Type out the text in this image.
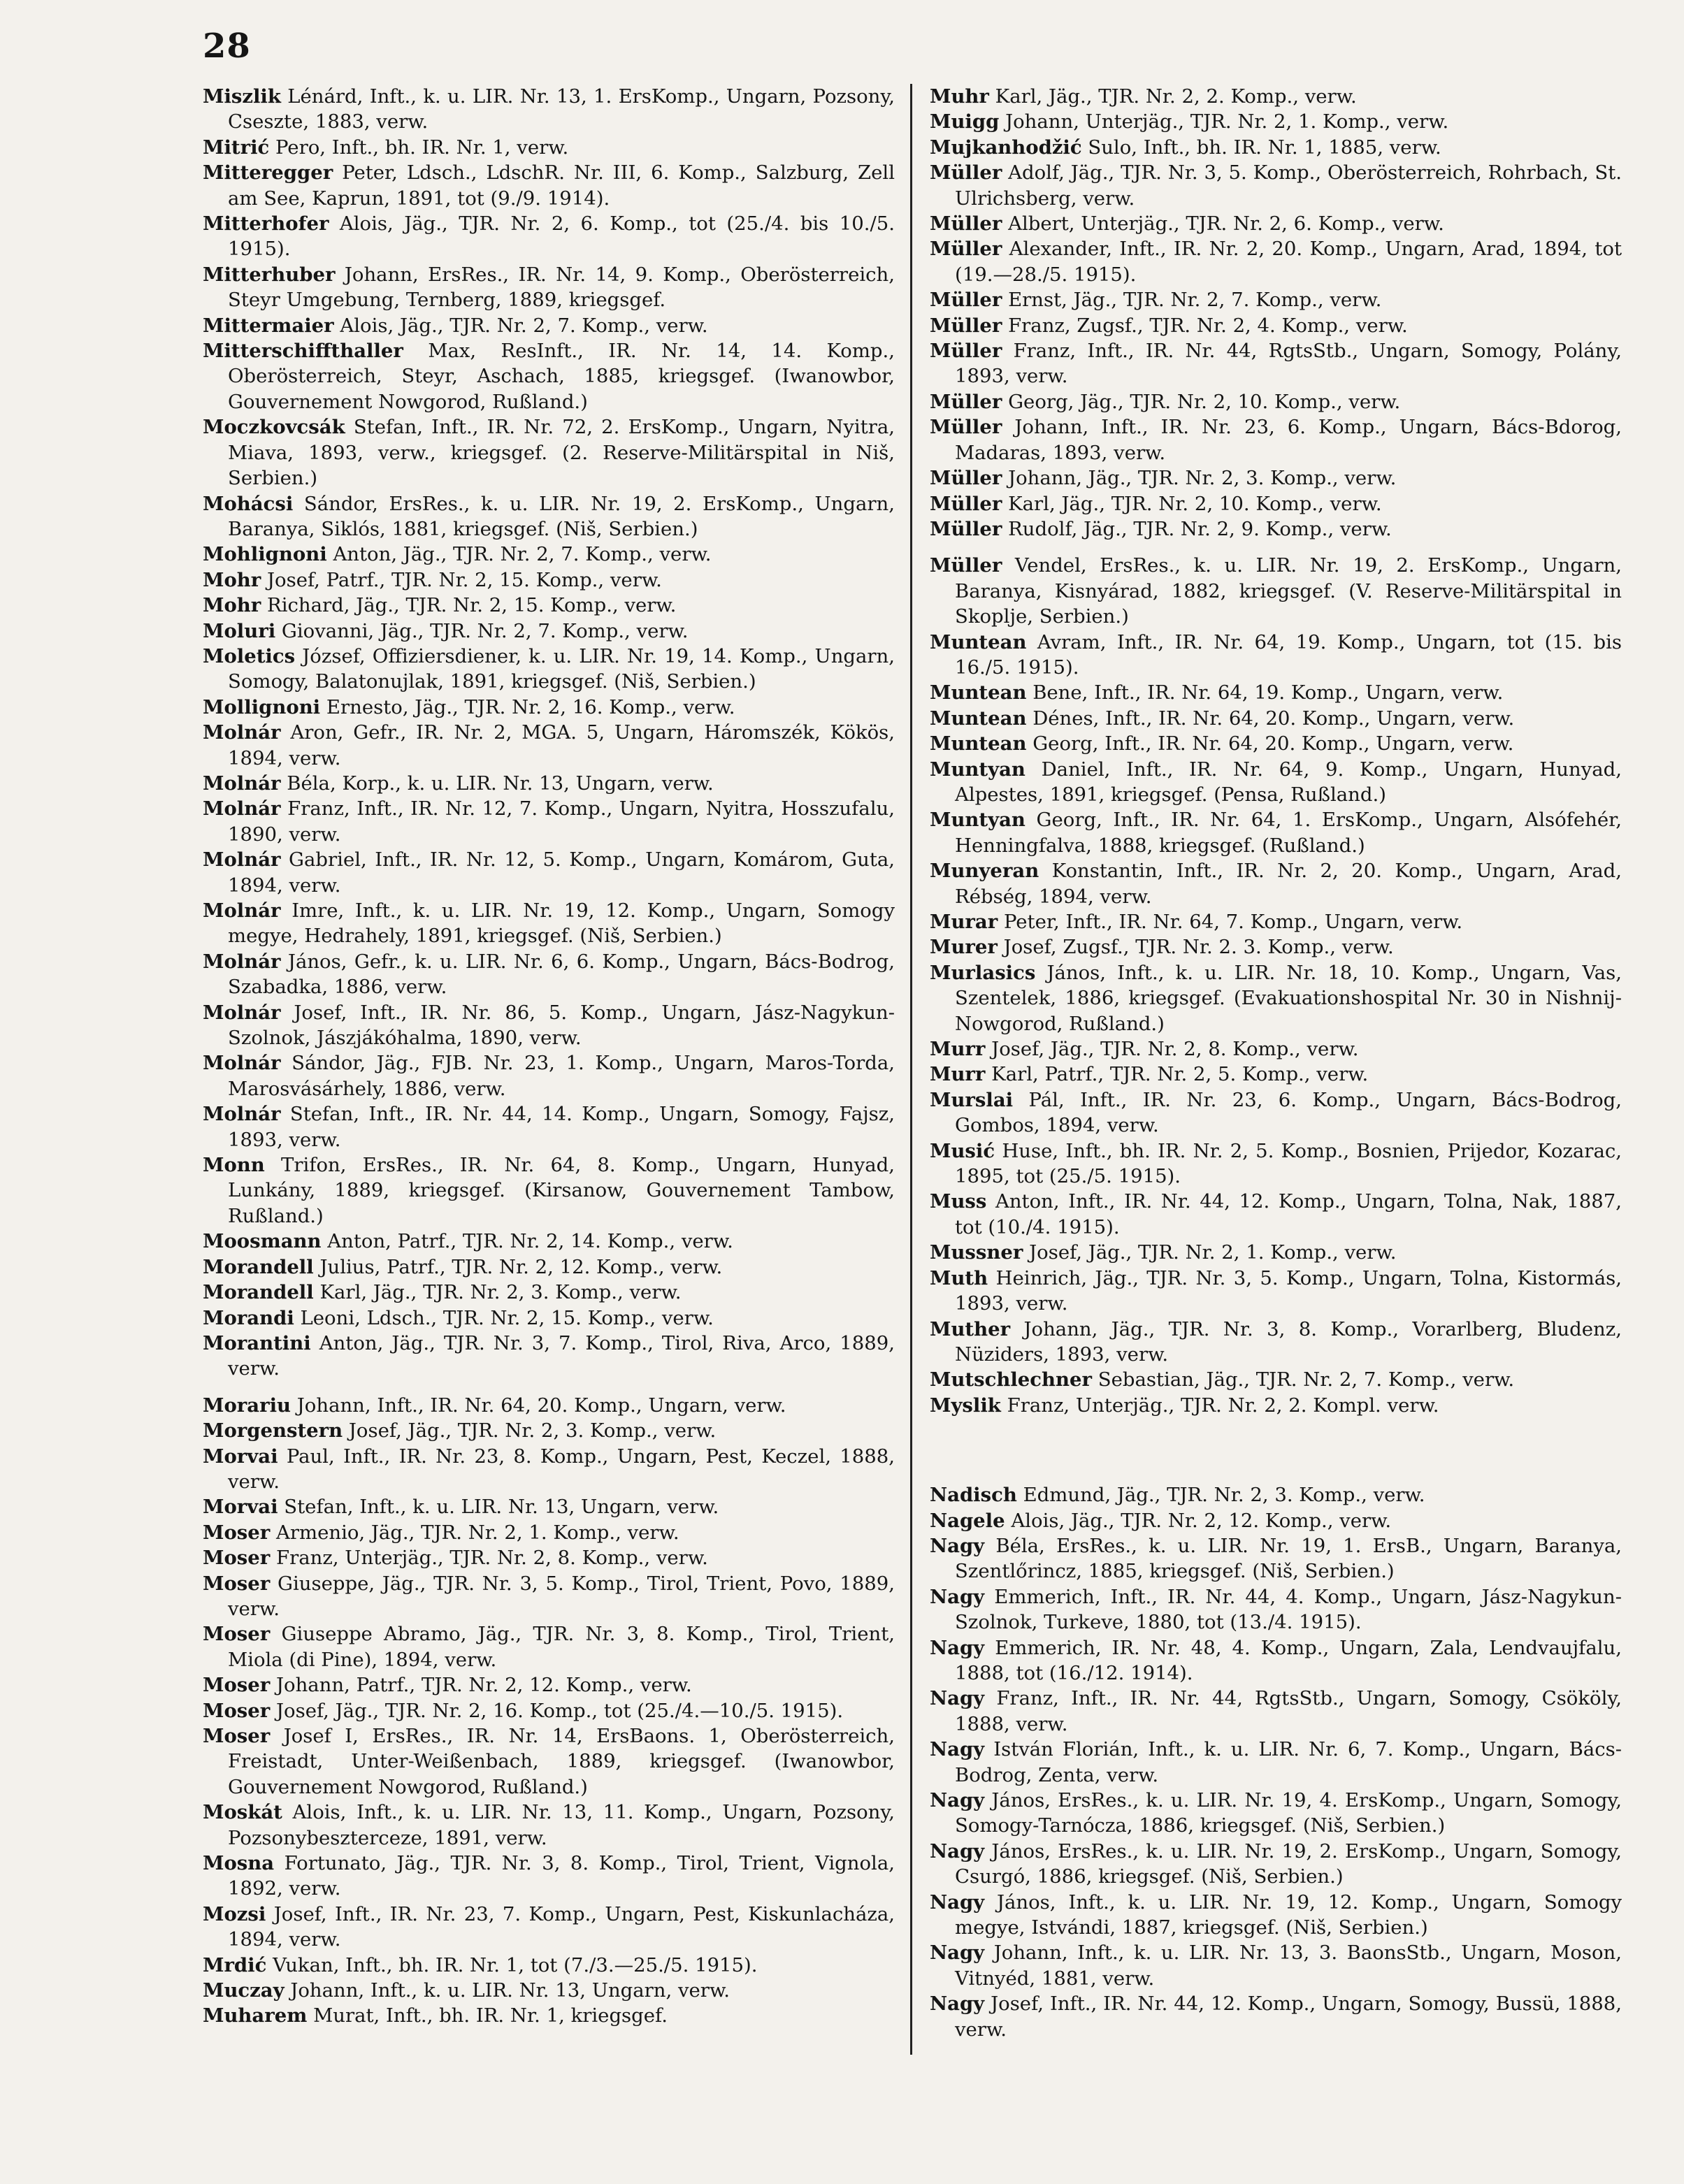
28

Miszlik Lénárd, Inft., k. u. LIR. Nr. 13, 1. ErsKomp., Ungarn, Pozsony, Cseszte, 1883, verw.

Mitrić Pero, Inft., bh. IR. Nr. 1, verw.

Mitteregger Peter, Ldsch., LdschR. Nr. III, 6. Komp., Salzburg, Zell am See, Kaprun, 1891, tot (9./9. 1914).

Mitterhofer Alois, Jäg., TJR. Nr. 2, 6. Komp., tot (25./4. bis 10./5. 1915).

Mitterhuber Johann, ErsRes., IR. Nr. 14, 9. Komp., Oberösterreich, Steyr Umgebung, Ternberg, 1889, kriegsgef.

Mittermaier Alois, Jäg., TJR. Nr. 2, 7. Komp., verw.

Mitterschiffthaller Max, ResInft., IR. Nr. 14, 14. Komp., Oberösterreich, Steyr, Aschach, 1885, kriegsgef. (Iwanowbor, Gouvernement Nowgorod, Rußland.)

Moczkovcsák Stefan, Inft., IR. Nr. 72, 2. ErsKomp., Ungarn, Nyitra, Miava, 1893, verw., kriegsgef. (2. Reserve-Militärspital in Niš, Serbien.)

Mohácsi Sándor, ErsRes., k. u. LIR. Nr. 19, 2. ErsKomp., Ungarn, Baranya, Siklós, 1881, kriegsgef. (Niš, Serbien.)

Mohlignoni Anton, Jäg., TJR. Nr. 2, 7. Komp., verw.

Mohr Josef, Patrf., TJR. Nr. 2, 15. Komp., verw.

Mohr Richard, Jäg., TJR. Nr. 2, 15. Komp., verw.

Moluri Giovanni, Jäg., TJR. Nr. 2, 7. Komp., verw.

Moletics József, Offiziersdiener, k. u. LIR. Nr. 19, 14. Komp., Ungarn, Somogy, Balatonujlak, 1891, kriegsgef. (Niš, Serbien.)

Mollignoni Ernesto, Jäg., TJR. Nr. 2, 16. Komp., verw.

Molnár Aron, Gefr., IR. Nr. 2, MGA. 5, Ungarn, Háromszék, Kökös, 1894, verw.

Molnár Béla, Korp., k. u. LIR. Nr. 13, Ungarn, verw.

Molnár Franz, Inft., IR. Nr. 12, 7. Komp., Ungarn, Nyitra, Hosszufalu, 1890, verw.

Molnár Gabriel, Inft., IR. Nr. 12, 5. Komp., Ungarn, Komárom, Guta, 1894, verw.

Molnár Imre, Inft., k. u. LIR. Nr. 19, 12. Komp., Ungarn, Somogy megye, Hedrahely, 1891, kriegsgef. (Niš, Serbien.)

Molnár János, Gefr., k. u. LIR. Nr. 6, 6. Komp., Ungarn, Bács-Bodrog, Szabadka, 1886, verw.

Molnár Josef, Inft., IR. Nr. 86, 5. Komp., Ungarn, Jász-Nagykun-Szolnok, Jászjákóhalma, 1890, verw.

Molnár Sándor, Jäg., FJB. Nr. 23, 1. Komp., Ungarn, Maros-Torda, Marosvásárhely, 1886, verw.

Molnár Stefan, Inft., IR. Nr. 44, 14. Komp., Ungarn, Somogy, Fajsz, 1893, verw.

Monn Trifon, ErsRes., IR. Nr. 64, 8. Komp., Ungarn, Hunyad, Lunkány, 1889, kriegsgef. (Kirsanow, Gouvernement Tambow, Rußland.)

Moosmann Anton, Patrf., TJR. Nr. 2, 14. Komp., verw.

Morandell Julius, Patrf., TJR. Nr. 2, 12. Komp., verw.

Morandell Karl, Jäg., TJR. Nr. 2, 3. Komp., verw.

Morandi Leoni, Ldsch., TJR. Nr. 2, 15. Komp., verw.

Morantini Anton, Jäg., TJR. Nr. 3, 7. Komp., Tirol, Riva, Arco, 1889, verw.

Morariu Johann, Inft., IR. Nr. 64, 20. Komp., Ungarn, verw.

Morgenstern Josef, Jäg., TJR. Nr. 2, 3. Komp., verw.

Morvai Paul, Inft., IR. Nr. 23, 8. Komp., Ungarn, Pest, Keczel, 1888, verw.

Morvai Stefan, Inft., k. u. LIR. Nr. 13, Ungarn, verw.

Moser Armenio, Jäg., TJR. Nr. 2, 1. Komp., verw.

Moser Franz, Unterjäg., TJR. Nr. 2, 8. Komp., verw.

Moser Giuseppe, Jäg., TJR. Nr. 3, 5. Komp., Tirol, Trient, Povo, 1889, verw.

Moser Giuseppe Abramo, Jäg., TJR. Nr. 3, 8. Komp., Tirol, Trient, Miola (di Pine), 1894, verw.

Moser Johann, Patrf., TJR. Nr. 2, 12. Komp., verw.

Moser Josef, Jäg., TJR. Nr. 2, 16. Komp., tot (25./4.—10./5. 1915).

Moser Josef I, ErsRes., IR. Nr. 14, ErsBaons. 1, Oberösterreich, Freistadt, Unter-Weißenbach, 1889, kriegsgef. (Iwanowbor, Gouvernement Nowgorod, Rußland.)

Moskát Alois, Inft., k. u. LIR. Nr. 13, 11. Komp., Ungarn, Pozsony, Pozsonybeszterceze, 1891, verw.

Mosna Fortunato, Jäg., TJR. Nr. 3, 8. Komp., Tirol, Trient, Vignola, 1892, verw.

Mozsi Josef, Inft., IR. Nr. 23, 7. Komp., Ungarn, Pest, Kiskunlacháza, 1894, verw.

Mrdić Vukan, Inft., bh. IR. Nr. 1, tot (7./3.—25./5. 1915).

Muczay Johann, Inft., k. u. LIR. Nr. 13, Ungarn, verw.

Muharem Murat, Inft., bh. IR. Nr. 1, kriegsgef.

Muhr Karl, Jäg., TJR. Nr. 2, 2. Komp., verw.

Muigg Johann, Unterjäg., TJR. Nr. 2, 1. Komp., verw.

Mujkanhodžić Sulo, Inft., bh. IR. Nr. 1, 1885, verw.

Müller Adolf, Jäg., TJR. Nr. 3, 5. Komp., Oberösterreich, Rohrbach, St. Ulrichsberg, verw.

Müller Albert, Unterjäg., TJR. Nr. 2, 6. Komp., verw.

Müller Alexander, Inft., IR. Nr. 2, 20. Komp., Ungarn, Arad, 1894, tot (19.—28./5. 1915).

Müller Ernst, Jäg., TJR. Nr. 2, 7. Komp., verw.

Müller Franz, Zugsf., TJR. Nr. 2, 4. Komp., verw.

Müller Franz, Inft., IR. Nr. 44, RgtsStb., Ungarn, Somogy, Polány, 1893, verw.

Müller Georg, Jäg., TJR. Nr. 2, 10. Komp., verw.

Müller Johann, Inft., IR. Nr. 23, 6. Komp., Ungarn, Bács-Bdorog, Madaras, 1893, verw.

Müller Johann, Jäg., TJR. Nr. 2, 3. Komp., verw.

Müller Karl, Jäg., TJR. Nr. 2, 10. Komp., verw.

Müller Rudolf, Jäg., TJR. Nr. 2, 9. Komp., verw.

Müller Vendel, ErsRes., k. u. LIR. Nr. 19, 2. ErsKomp., Ungarn, Baranya, Kisnyárad, 1882, kriegsgef. (V. Reserve-Militärspital in Skoplje, Serbien.)

Muntean Avram, Inft., IR. Nr. 64, 19. Komp., Ungarn, tot (15. bis 16./5. 1915).

Muntean Bene, Inft., IR. Nr. 64, 19. Komp., Ungarn, verw.

Muntean Dénes, Inft., IR. Nr. 64, 20. Komp., Ungarn, verw.

Muntean Georg, Inft., IR. Nr. 64, 20. Komp., Ungarn, verw.

Muntyan Daniel, Inft., IR. Nr. 64, 9. Komp., Ungarn, Hunyad, Alpestes, 1891, kriegsgef. (Pensa, Rußland.)

Muntyan Georg, Inft., IR. Nr. 64, 1. ErsKomp., Ungarn, Alsófehér, Henningfalva, 1888, kriegsgef. (Rußland.)

Munyeran Konstantin, Inft., IR. Nr. 2, 20. Komp., Ungarn, Arad, Rébség, 1894, verw.

Murar Peter, Inft., IR. Nr. 64, 7. Komp., Ungarn, verw.

Murer Josef, Zugsf., TJR. Nr. 2. 3. Komp., verw.

Murlasics János, Inft., k. u. LIR. Nr. 18, 10. Komp., Ungarn, Vas, Szentelek, 1886, kriegsgef. (Evakuationshospital Nr. 30 in Nishnij-Nowgorod, Rußland.)

Murr Josef, Jäg., TJR. Nr. 2, 8. Komp., verw.

Murr Karl, Patrf., TJR. Nr. 2, 5. Komp., verw.

Murslai Pál, Inft., IR. Nr. 23, 6. Komp., Ungarn, Bács-Bodrog, Gombos, 1894, verw.

Musić Huse, Inft., bh. IR. Nr. 2, 5. Komp., Bosnien, Prijedor, Kozarac, 1895, tot (25./5. 1915).

Muss Anton, Inft., IR. Nr. 44, 12. Komp., Ungarn, Tolna, Nak, 1887, tot (10./4. 1915).

Mussner Josef, Jäg., TJR. Nr. 2, 1. Komp., verw.

Muth Heinrich, Jäg., TJR. Nr. 3, 5. Komp., Ungarn, Tolna, Kistormás, 1893, verw.

Muther Johann, Jäg., TJR. Nr. 3, 8. Komp., Vorarlberg, Bludenz, Nüziders, 1893, verw.

Mutschlechner Sebastian, Jäg., TJR. Nr. 2, 7. Komp., verw.

Myslik Franz, Unterjäg., TJR. Nr. 2, 2. Kompl. verw.

Nadisch Edmund, Jäg., TJR. Nr. 2, 3. Komp., verw.

Nagele Alois, Jäg., TJR. Nr. 2, 12. Komp., verw.

Nagy Béla, ErsRes., k. u. LIR. Nr. 19, 1. ErsB., Ungarn, Baranya, Szentlőrincz, 1885, kriegsgef. (Niš, Serbien.)

Nagy Emmerich, Inft., IR. Nr. 44, 4. Komp., Ungarn, Jász-Nagykun-Szolnok, Turkeve, 1880, tot (13./4. 1915).

Nagy Emmerich, IR. Nr. 48, 4. Komp., Ungarn, Zala, Lendvaujfalu, 1888, tot (16./12. 1914).

Nagy Franz, Inft., IR. Nr. 44, RgtsStb., Ungarn, Somogy, Csököly, 1888, verw.

Nagy István Florián, Inft., k. u. LIR. Nr. 6, 7. Komp., Ungarn, Bács-Bodrog, Zenta, verw.

Nagy János, ErsRes., k. u. LIR. Nr. 19, 4. ErsKomp., Ungarn, Somogy, Somogy-Tarnócza, 1886, kriegsgef. (Niš, Serbien.)

Nagy János, ErsRes., k. u. LIR. Nr. 19, 2. ErsKomp., Ungarn, Somogy, Csurgó, 1886, kriegsgef. (Niš, Serbien.)

Nagy János, Inft., k. u. LIR. Nr. 19, 12. Komp., Ungarn, Somogy megye, Istvándi, 1887, kriegsgef. (Niš, Serbien.)

Nagy Johann, Inft., k. u. LIR. Nr. 13, 3. BaonsStb., Ungarn, Moson, Vitnyéd, 1881, verw.

Nagy Josef, Inft., IR. Nr. 44, 12. Komp., Ungarn, Somogy, Bussü, 1888, verw.
